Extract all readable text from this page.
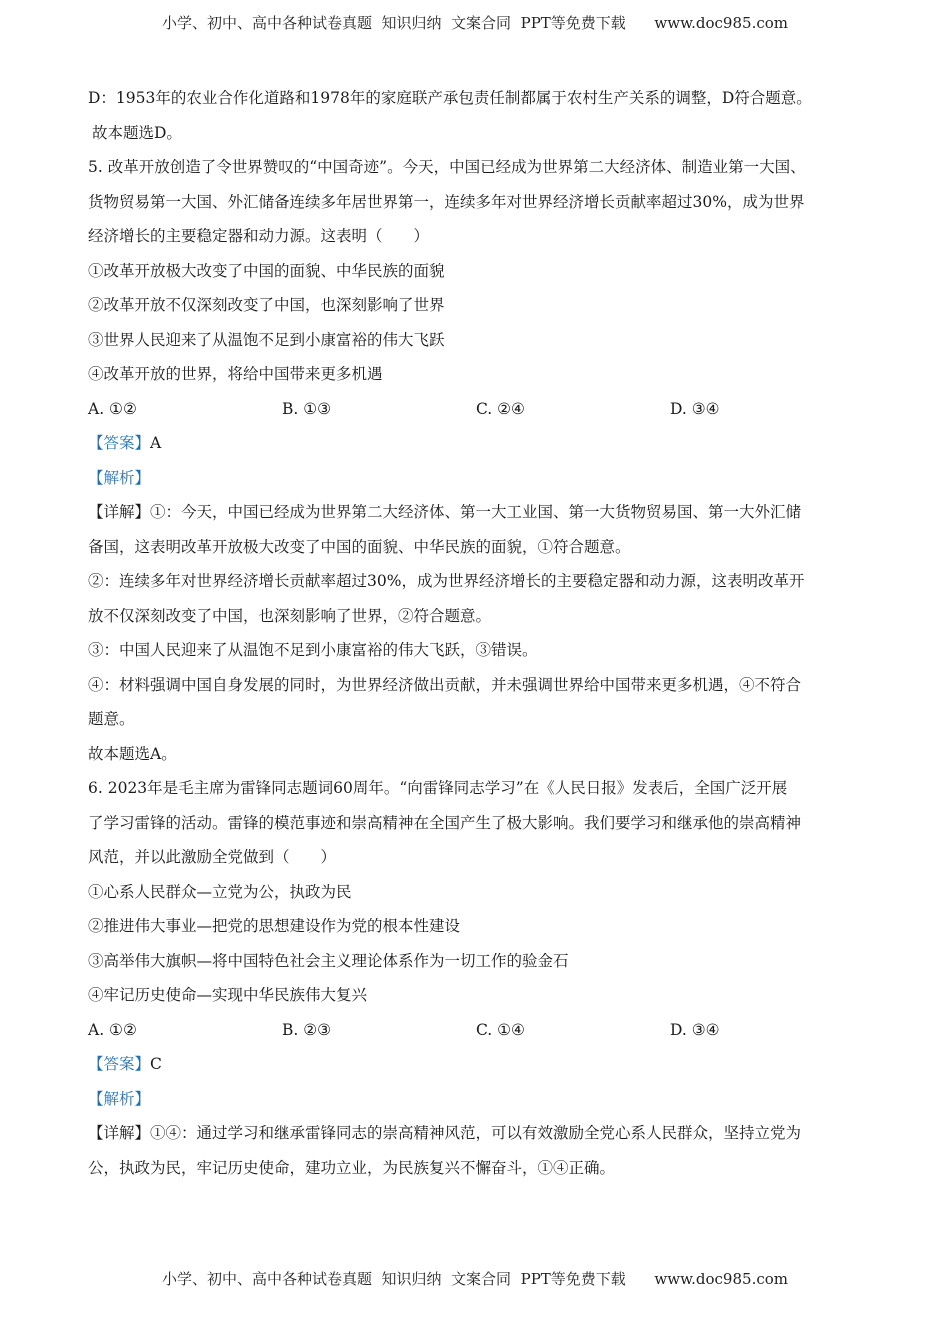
小学、初中、高中各种试卷真题  知识归纳  文案合同  PPT等免费下载      www.doc985.com
D：1953年的农业合作化道路和1978年的家庭联产承包责任制都属于农村生产关系的调整，D符合题意。
故本题选D。
5. 改革开放创造了令世界赞叹的“中国奇迹”。今天，中国已经成为世界第二大经济体、制造业第一大国、
货物贸易第一大国、外汇储备连续多年居世界第一，连续多年对世界经济增长贡献率超过30%，成为世界
经济增长的主要稳定器和动力源。这表明（　　）
①改革开放极大改变了中国的面貌、中华民族的面貌
②改革开放不仅深刻改变了中国，也深刻影响了世界
③世界人民迎来了从温饱不足到小康富裕的伟大飞跃
④改革开放的世界，将给中国带来更多机遇
A. ①②	B. ①③	C. ②④	D. ③④
【答案】A
【解析】
【详解】①：今天，中国已经成为世界第二大经济体、第一大工业国、第一大货物贸易国、第一大外汇储
备国，这表明改革开放极大改变了中国的面貌、中华民族的面貌，①符合题意。
②：连续多年对世界经济增长贡献率超过30%，成为世界经济增长的主要稳定器和动力源，这表明改革开
放不仅深刻改变了中国，也深刻影响了世界，②符合题意。
③：中国人民迎来了从温饱不足到小康富裕的伟大飞跃，③错误。
④：材料强调中国自身发展的同时，为世界经济做出贡献，并未强调世界给中国带来更多机遇，④不符合
题意。
故本题选A。
6. 2023年是毛主席为雷锋同志题词60周年。“向雷锋同志学习”在《人民日报》发表后，全国广泛开展
了学习雷锋的活动。雷锋的模范事迹和崇高精神在全国产生了极大影响。我们要学习和继承他的崇高精神
风范，并以此激励全党做到（　　）
①心系人民群众—立党为公，执政为民
②推进伟大事业—把党的思想建设作为党的根本性建设
③高举伟大旗帜—将中国特色社会主义理论体系作为一切工作的验金石
④牢记历史使命—实现中华民族伟大复兴
A. ①②	B. ②③	C. ①④	D. ③④
【答案】C
【解析】
【详解】①④：通过学习和继承雷锋同志的崇高精神风范，可以有效激励全党心系人民群众，坚持立党为
公，执政为民，牢记历史使命，建功立业，为民族复兴不懈奋斗，①④正确。
小学、初中、高中各种试卷真题  知识归纳  文案合同  PPT等免费下载      www.doc985.com
